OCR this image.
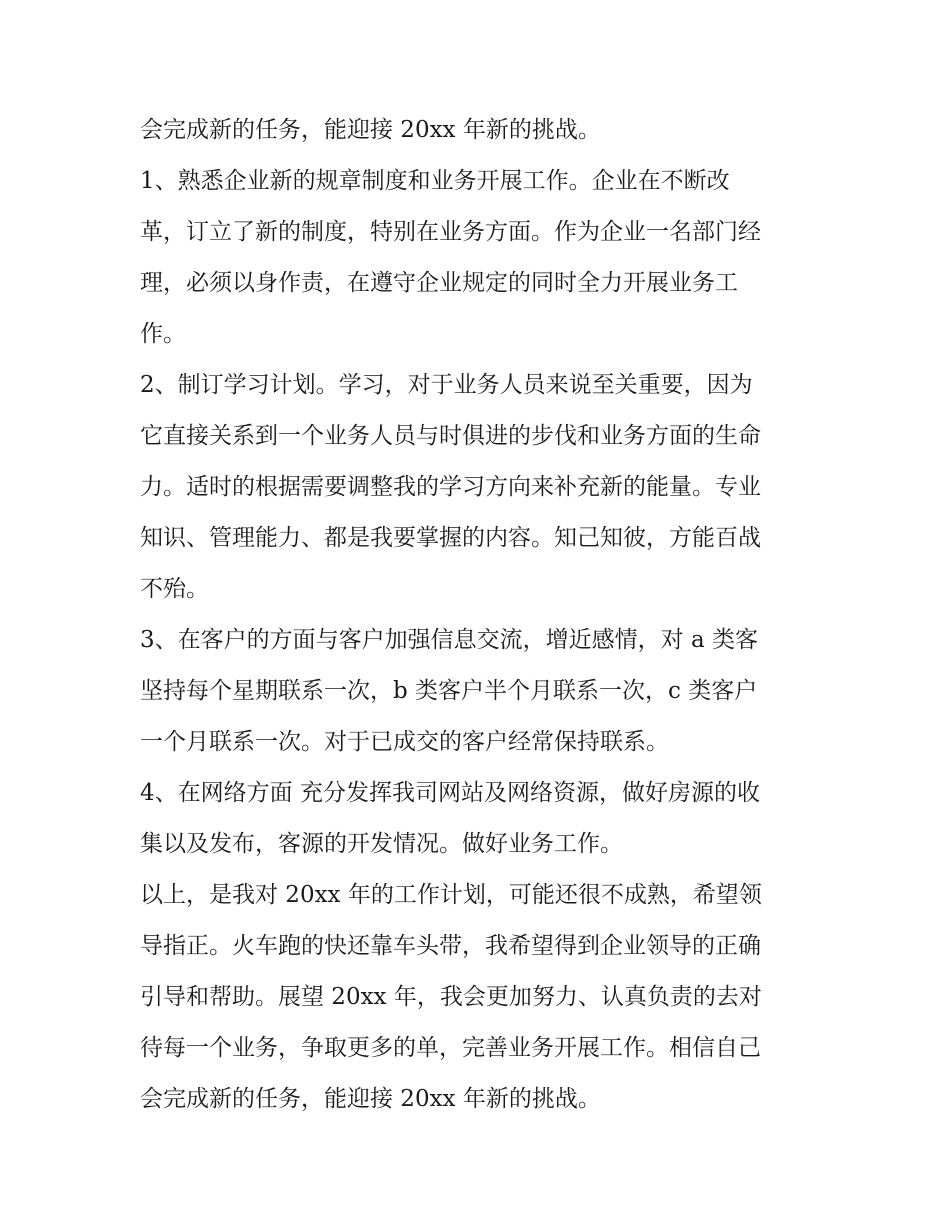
会完成新的任务，能迎接 20xx 年新的挑战。
1、熟悉企业新的规章制度和业务开展工作。企业在不断改
革，订立了新的制度，特别在业务方面。作为企业一名部门经
理，必须以身作责，在遵守企业规定的同时全力开展业务工
作。
2、制订学习计划。学习，对于业务人员来说至关重要，因为
它直接关系到一个业务人员与时俱进的步伐和业务方面的生命
力。适时的根据需要调整我的学习方向来补充新的能量。专业
知识、管理能力、都是我要掌握的内容。知己知彼，方能百战
不殆。
3、在客户的方面与客户加强信息交流，增近感情，对 a 类客
坚持每个星期联系一次，b 类客户半个月联系一次，c 类客户
一个月联系一次。对于已成交的客户经常保持联系。
4、在网络方面 充分发挥我司网站及网络资源，做好房源的收
集以及发布，客源的开发情况。做好业务工作。
以上，是我对 20xx 年的工作计划，可能还很不成熟，希望领
导指正。火车跑的快还靠车头带，我希望得到企业领导的正确
引导和帮助。展望 20xx 年，我会更加努力、认真负责的去对
待每一个业务，争取更多的单，完善业务开展工作。相信自己
会完成新的任务，能迎接 20xx 年新的挑战。
